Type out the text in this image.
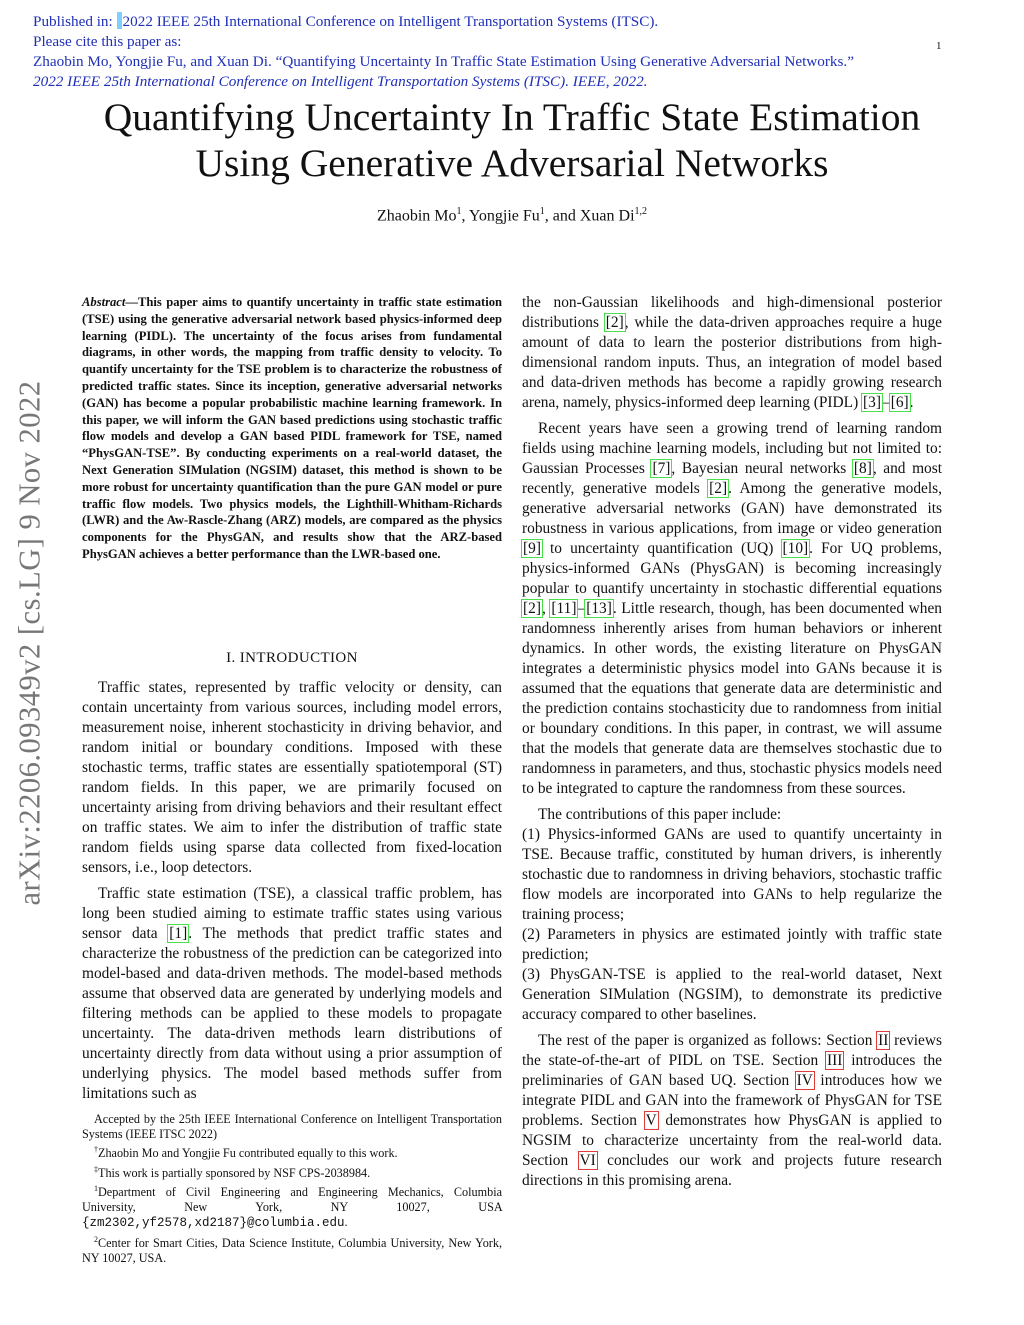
Published in: 2022 IEEE 25th International Conference on Intelligent Transportation Systems (ITSC).
Please cite this paper as:
Zhaobin Mo, Yongjie Fu, and Xuan Di. “Quantifying Uncertainty In Traffic State Estimation Using Generative Adversarial Networks.”
2022 IEEE 25th International Conference on Intelligent Transportation Systems (ITSC). IEEE, 2022.
1
Quantifying Uncertainty In Traffic State Estimation
Using Generative Adversarial Networks
Zhaobin Mo$^1$, Yongjie Fu$^1$, and Xuan Di$^{1,2}$
arXiv:2206.09349v2 [cs.LG] 9 Nov 2022
Abstract—This paper aims to quantify uncertainty in traffic state estimation (TSE) using the generative adversarial network based physics-informed deep learning (PIDL). The uncertainty of the focus arises from fundamental diagrams, in other words, the mapping from traffic density to velocity. To quantify uncertainty for the TSE problem is to characterize the robustness of predicted traffic states. Since its inception, generative adversarial networks (GAN) has become a popular probabilistic machine learning framework. In this paper, we will inform the GAN based predictions using stochastic traffic flow models and develop a GAN based PIDL framework for TSE, named “PhysGAN-TSE”. By conducting experiments on a real-world dataset, the Next Generation SIMulation (NGSIM) dataset, this method is shown to be more robust for uncertainty quantification than the pure GAN model or pure traffic flow models. Two physics models, the Lighthill-Whitham-Richards (LWR) and the Aw-Rascle-Zhang (ARZ) models, are compared as the physics components for the PhysGAN, and results show that the ARZ-based PhysGAN achieves a better performance than the LWR-based one.
I. INTRODUCTION

Traffic states, represented by traffic velocity or density, can contain uncertainty from various sources, including model errors, measurement noise, inherent stochasticity in driving behavior, and random initial or boundary conditions. Imposed with these stochastic terms, traffic states are essentially spatiotemporal (ST) random fields. In this paper, we are primarily focused on uncertainty arising from driving behaviors and their resultant effect on traffic states. We aim to infer the distribution of traffic state random fields using sparse data collected from fixed-location sensors, i.e., loop detectors.

Traffic state estimation (TSE), a classical traffic problem, has long been studied aiming to estimate traffic states using various sensor data [1]. The methods that predict traffic states and characterize the robustness of the prediction can be categorized into model-based and data-driven methods. The model-based methods assume that observed data are generated by underlying models and filtering methods can be applied to these models to propagate uncertainty. The data-driven methods learn distributions of uncertainty directly from data without using a prior assumption of underlying physics. The model based methods suffer from limitations such as

Accepted by the 25th IEEE International Conference on Intelligent Transportation Systems (IEEE ITSC 2022)

†Zhaobin Mo and Yongjie Fu contributed equally to this work.

‡This work is partially sponsored by NSF CPS-2038984.

$^1$Department of Civil Engineering and Engineering Mechanics, Columbia University, New York, NY 10027, USA {zm2302,yf2578,xd2187}@columbia.edu.

$^2$Center for Smart Cities, Data Science Institute, Columbia University, New York, NY 10027, USA.

the non-Gaussian likelihoods and high-dimensional posterior distributions [2], while the data-driven approaches require a huge amount of data to learn the posterior distributions from high-dimensional random inputs. Thus, an integration of model based and data-driven methods has become a rapidly growing research arena, namely, physics-informed deep learning (PIDL) [3]–[6].

Recent years have seen a growing trend of learning random fields using machine learning models, including but not limited to: Gaussian Processes [7], Bayesian neural networks [8], and most recently, generative models [2]. Among the generative models, generative adversarial networks (GAN) have demonstrated its robustness in various applications, from image or video generation [9] to uncertainty quantification (UQ) [10]. For UQ problems, physics-informed GANs (PhysGAN) is becoming increasingly popular to quantify uncertainty in stochastic differential equations [2], [11]–[13]. Little research, though, has been documented when randomness inherently arises from human behaviors or inherent dynamics. In other words, the existing literature on PhysGAN integrates a deterministic physics model into GANs because it is assumed that the equations that generate data are deterministic and the prediction contains stochasticity due to randomness from initial or boundary conditions. In this paper, in contrast, we will assume that the models that generate data are themselves stochastic due to randomness in parameters, and thus, stochastic physics models need to be integrated to capture the randomness from these sources.

The contributions of this paper include:

(1) Physics-informed GANs are used to quantify uncertainty in TSE. Because traffic, constituted by human drivers, is inherently stochastic due to randomness in driving behaviors, stochastic traffic flow models are incorporated into GANs to help regularize the training process;

(2) Parameters in physics are estimated jointly with traffic state prediction;

(3) PhysGAN-TSE is applied to the real-world dataset, Next Generation SIMulation (NGSIM), to demonstrate its predictive accuracy compared to other baselines.

The rest of the paper is organized as follows: Section II reviews the state-of-the-art of PIDL on TSE. Section III introduces the preliminaries of GAN based UQ. Section IV introduces how we integrate PIDL and GAN into the framework of PhysGAN for TSE problems. Section V demonstrates how PhysGAN is applied to NGSIM to characterize uncertainty from the real-world data. Section VI concludes our work and projects future research directions in this promising arena.
